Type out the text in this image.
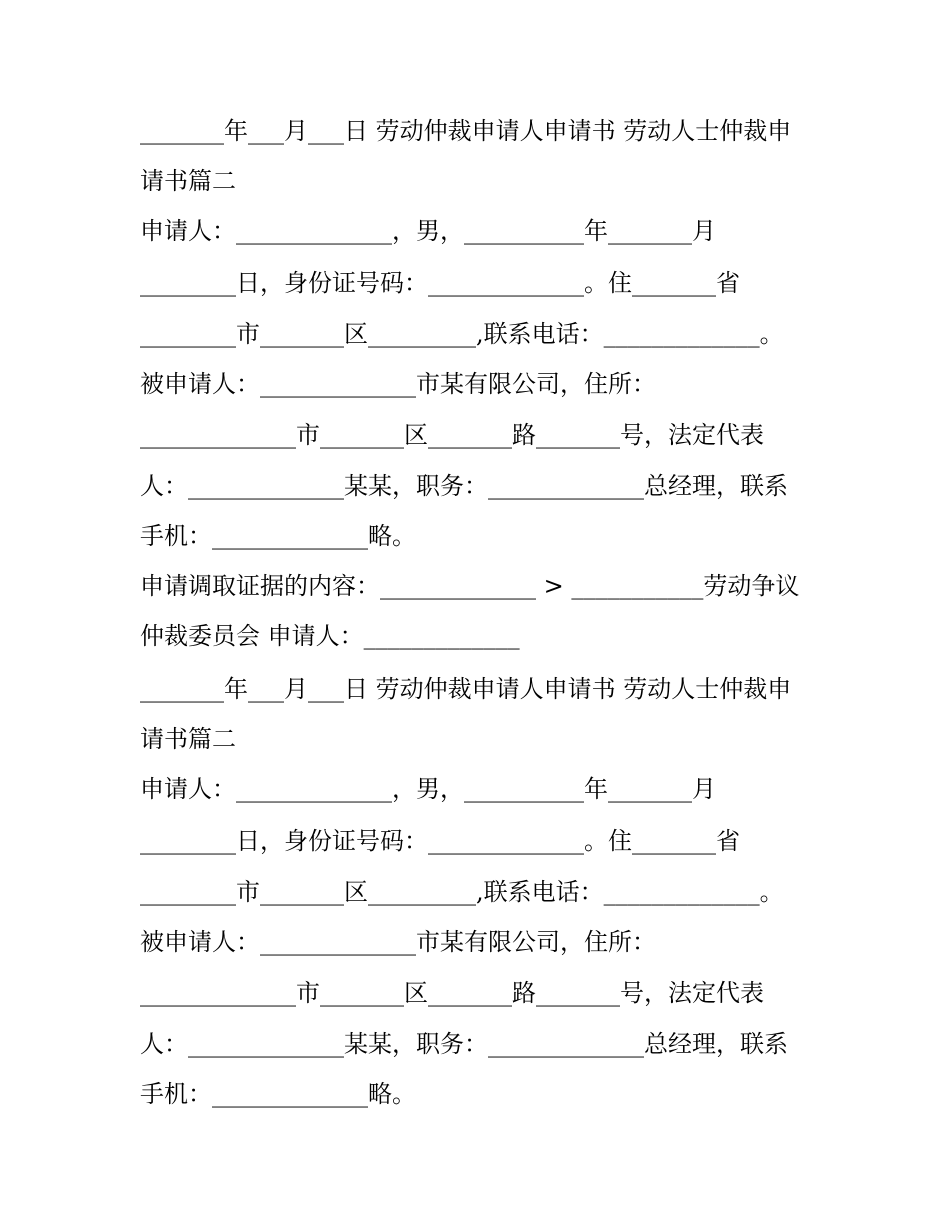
_______年___月___日 劳动仲裁申请人申请书 劳动人士仲裁申
请书篇二
申请人：_____________，男，__________年_______月
________日，身份证号码：_____________。住_______省
________市_______区_________,联系电话：_____________。
被申请人：_____________市某有限公司，住所：
_____________市_______区_______路_______号，法定代表
人：_____________某某，职务：_____________总经理，联系
手机：_____________略。
申请调取证据的内容：_____________ > ___________劳动争议
仲裁委员会 申请人：_____________
_______年___月___日 劳动仲裁申请人申请书 劳动人士仲裁申
请书篇二
申请人：_____________，男，__________年_______月
________日，身份证号码：_____________。住_______省
________市_______区_________,联系电话：_____________。
被申请人：_____________市某有限公司，住所：
_____________市_______区_______路_______号，法定代表
人：_____________某某，职务：_____________总经理，联系
手机：_____________略。
